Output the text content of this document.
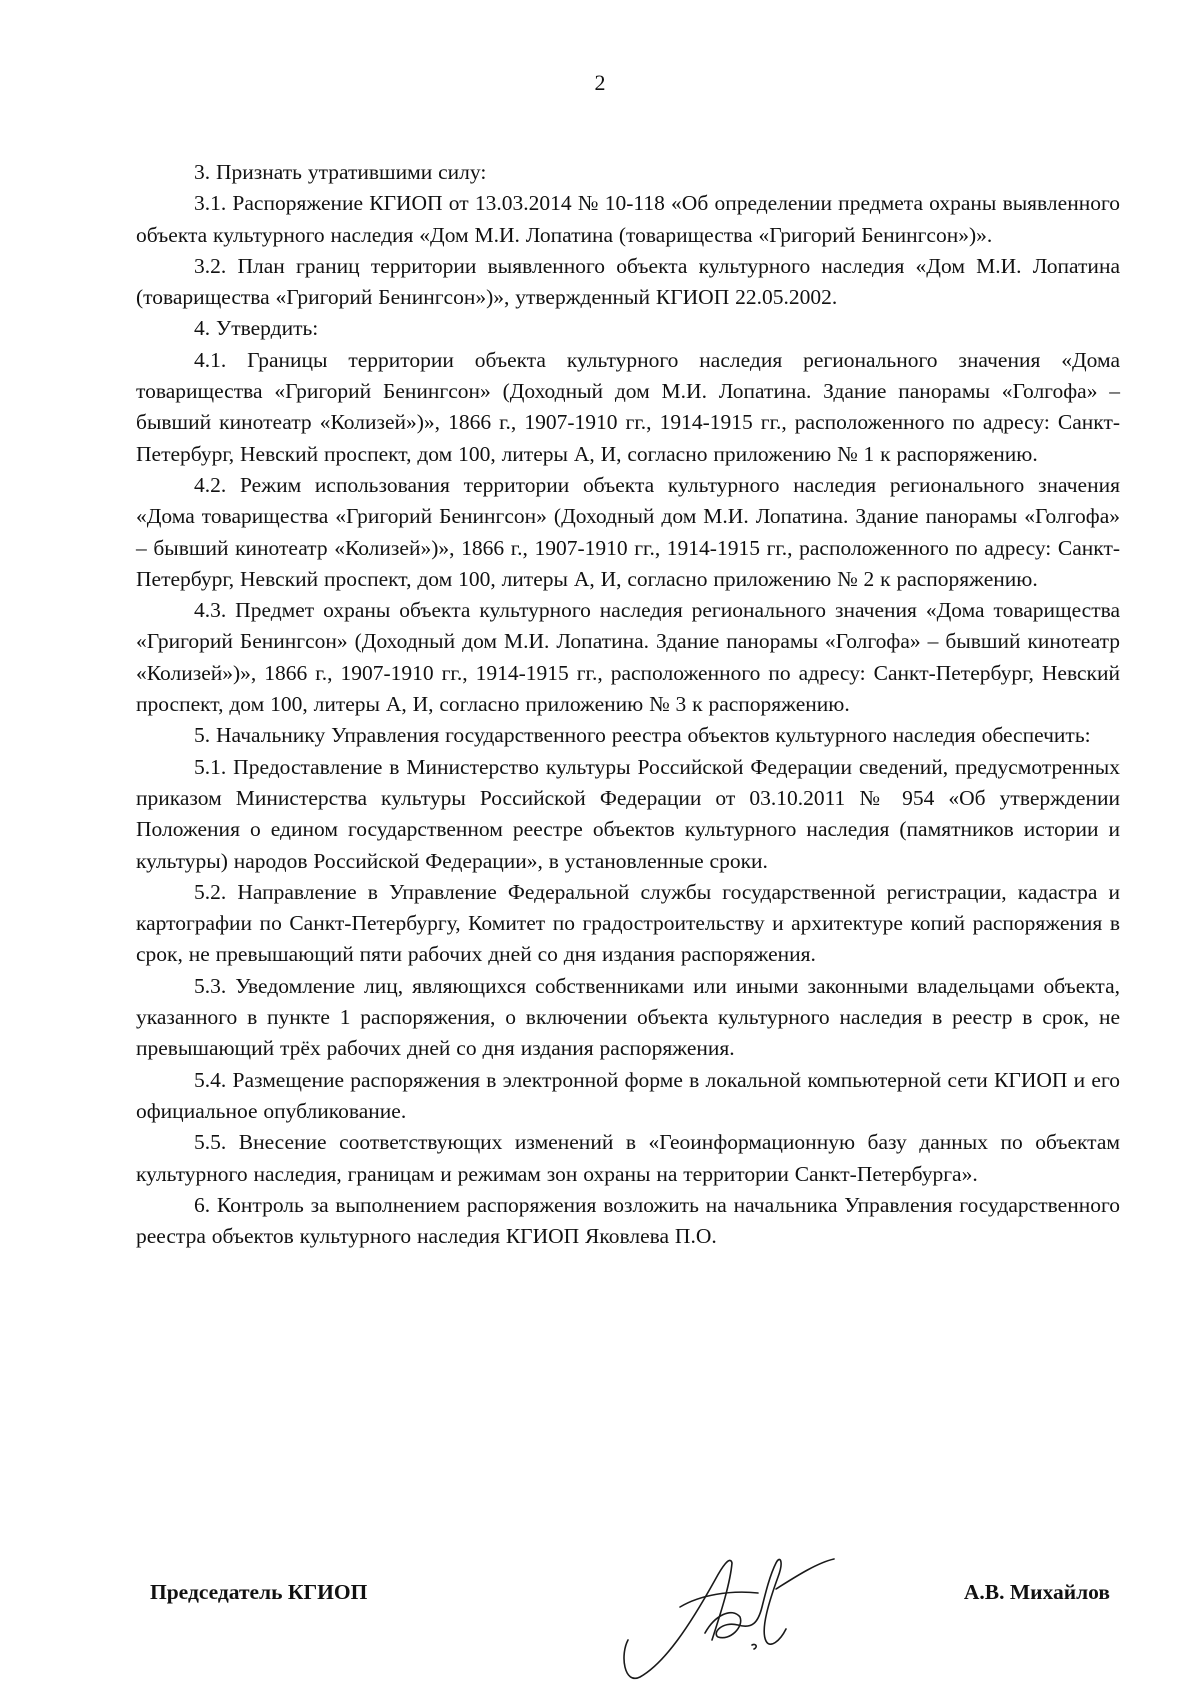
2

3. Признать утратившими силу:

3.1. Распоряжение КГИОП от 13.03.2014 № 10-118 «Об определении предмета охраны выявленного объекта культурного наследия «Дом М.И. Лопатина (товарищества «Григорий Бенингсон»)».

3.2. План границ территории выявленного объекта культурного наследия «Дом М.И. Лопатина (товарищества «Григорий Бенингсон»)», утвержденный КГИОП 22.05.2002.

4. Утвердить:

4.1. Границы территории объекта культурного наследия регионального значения «Дома товарищества «Григорий Бенингсон» (Доходный дом М.И. Лопатина. Здание панорамы «Голгофа» – бывший кинотеатр «Колизей»)», 1866 г., 1907-1910 гг., 1914-1915 гг., расположенного по адресу: Санкт-Петербург, Невский проспект, дом 100, литеры А, И, согласно приложению № 1 к распоряжению.

4.2. Режим использования территории объекта культурного наследия регионального значения «Дома товарищества «Григорий Бенингсон» (Доходный дом М.И. Лопатина. Здание панорамы «Голгофа» – бывший кинотеатр «Колизей»)», 1866 г., 1907-1910 гг., 1914-1915 гг., расположенного по адресу: Санкт-Петербург, Невский проспект, дом 100, литеры А, И, согласно приложению № 2 к распоряжению.

4.3. Предмет охраны объекта культурного наследия регионального значения «Дома товарищества «Григорий Бенингсон» (Доходный дом М.И. Лопатина. Здание панорамы «Голгофа» – бывший кинотеатр «Колизей»)», 1866 г., 1907-1910 гг., 1914-1915 гг., расположенного по адресу: Санкт-Петербург, Невский проспект, дом 100, литеры А, И, согласно приложению № 3 к распоряжению.

5. Начальнику Управления государственного реестра объектов культурного наследия обеспечить:

5.1. Предоставление в Министерство культуры Российской Федерации сведений, предусмотренных приказом Министерства культуры Российской Федерации от 03.10.2011 № 954 «Об утверждении Положения о едином государственном реестре объектов культурного наследия (памятников истории и культуры) народов Российской Федерации», в установленные сроки.

5.2. Направление в Управление Федеральной службы государственной регистрации, кадастра и картографии по Санкт-Петербургу, Комитет по градостроительству и архитектуре копий распоряжения в срок, не превышающий пяти рабочих дней со дня издания распоряжения.

5.3. Уведомление лиц, являющихся собственниками или иными законными владельцами объекта, указанного в пункте 1 распоряжения, о включении объекта культурного наследия в реестр в срок, не превышающий трёх рабочих дней со дня издания распоряжения.

5.4. Размещение распоряжения в электронной форме в локальной компьютерной сети КГИОП и его официальное опубликование.

5.5. Внесение соответствующих изменений в «Геоинформационную базу данных по объектам культурного наследия, границам и режимам зон охраны на территории Санкт-Петербурга».

6. Контроль за выполнением распоряжения возложить на начальника Управления государственного реестра объектов культурного наследия КГИОП Яковлева П.О.

Председатель КГИОП	А.В. Михайлов
